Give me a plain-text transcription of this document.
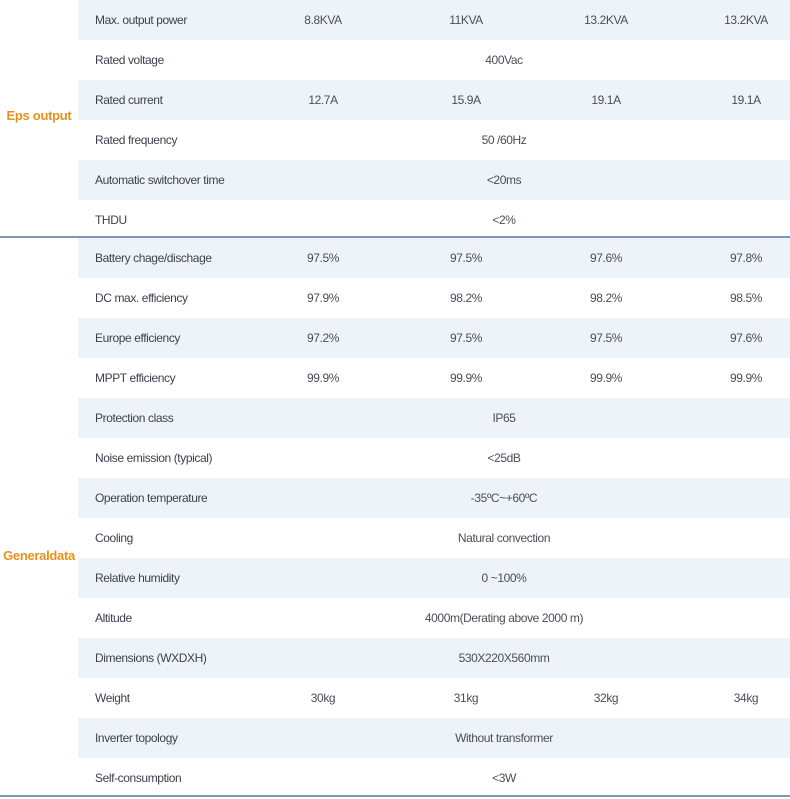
Eps output
Max. output power	8.8KVA	11KVA	13.2KVA	13.2KVA
Rated voltage	400Vac
Rated current	12.7A	15.9A	19.1A	19.1A
Rated frequency	50 /60Hz
Automatic switchover time	<20ms
THDU	<2%
Generaldata
Battery chage/dischage	97.5%	97.5%	97.6%	97.8%
DC max. efficiency	97.9%	98.2%	98.2%	98.5%
Europe efficiency	97.2%	97.5%	97.5%	97.6%
MPPT efficiency	99.9%	99.9%	99.9%	99.9%
Protection class	IP65
Noise emission (typical)	<25dB
Operation temperature	-35ºC~+60ºC
Cooling	Natural convection
Relative humidity	0 ~100%
Altitude	4000m(Derating above 2000 m)
Dimensions (WXDXH)	530X220X560mm
Weight	30kg	31kg	32kg	34kg
Inverter topology	Without transformer
Self-consumption	<3W
